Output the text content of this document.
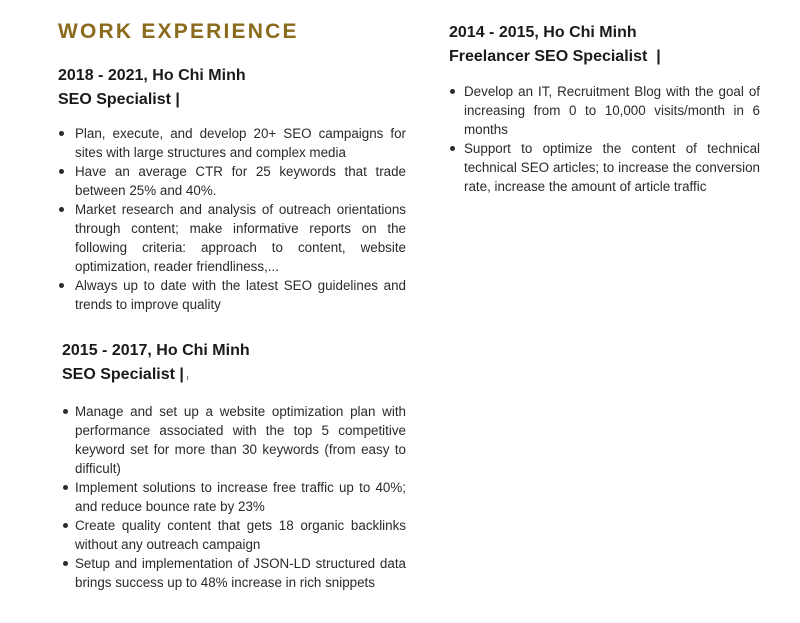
WORK EXPERIENCE

2018 - 2021, Ho Chi Minh

SEO Specialist |

Plan, execute, and develop 20+ SEO campaigns for sites with large structures and complex media
Have an average CTR for 25 keywords that trade between 25% and 40%.
Market research and analysis of outreach orientations through content; make informative reports on the following criteria: approach to content, website optimization, reader friendliness,...
Always up to date with the latest SEO guidelines and trends to improve quality

2015 - 2017, Ho Chi Minh

SEO Specialist |

Manage and set up a website optimization plan with performance associated with the top 5 competitive keyword set for more than 30 keywords (from easy to difficult)
Implement solutions to increase free traffic up to 40%; and reduce bounce rate by 23%
Create quality content that gets 18 organic backlinks without any outreach campaign
Setup and implementation of JSON-LD structured data brings success up to 48% increase in rich snippets

2014 - 2015, Ho Chi Minh

Freelancer SEO Specialist  |

Develop an IT, Recruitment Blog with the goal of increasing from 0 to 10,000 visits/month in 6 months
Support to optimize the content of technical technical SEO articles; to increase the conversion rate, increase the amount of article traffic
